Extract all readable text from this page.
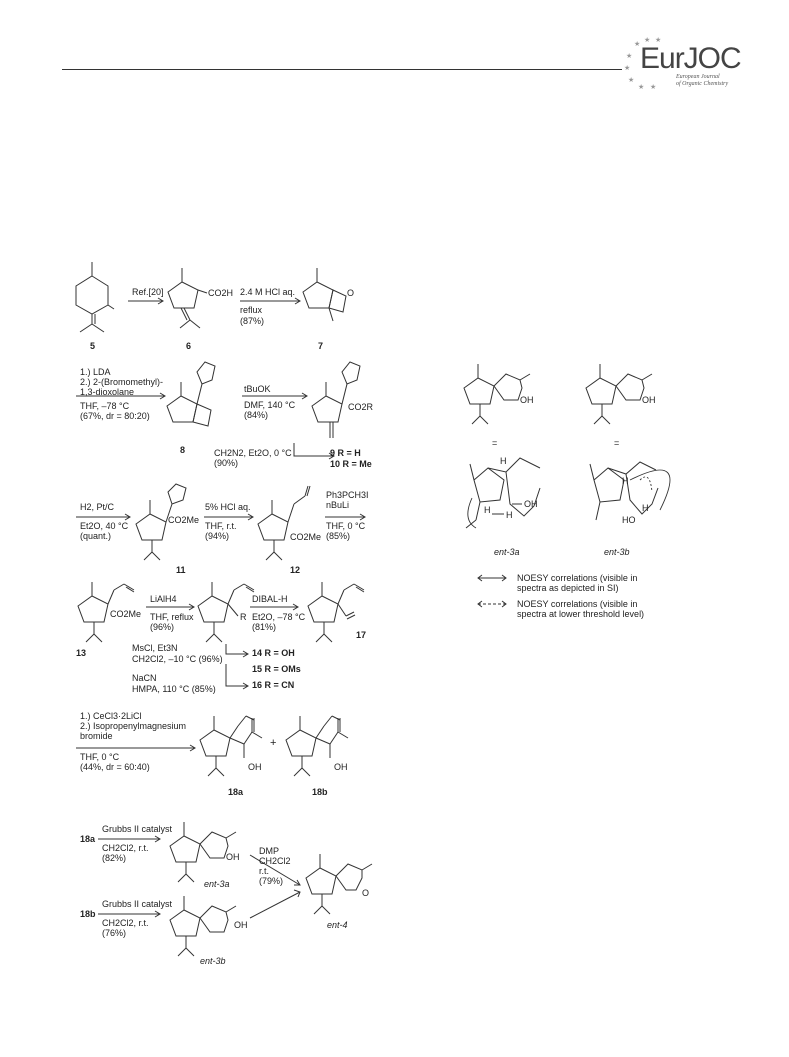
★ ★ ★
★
★
★
★ ★
EurJOC
European Journal
of Organic Chemistry
Ref.[20]	CO2H 2.4 M HCl aq.
reflux
(87%)
O
5	6	7
1.) LDA
2.) 2-(Bromomethyl)-
1,3-dioxolane
THF, –78 °C
(67%, dr = 80:20)
tBuOK
DMF, 140 °C
(84%)
CO2R
8	CH2N2, Et2O, 0 °C
(90%)
9 R = H
10 R = Me
H2, Pt/C
Et2O, 40 °C
(quant.)
CO2Me
11
5% HCl aq.
THF, r.t.
(94%)	CO2Me
12
Ph3PCH3I
nBuLi
THF, 0 °C
(85%)
CO2Me
13
LiAlH4
THF, reflux
(96%)
R
DIBAL-H
Et2O, –78 °C
(81%)
17
MsCl, Et3N
CH2Cl2, –10 °C (96%)
NaCN
HMPA, 110 °C (85%)
14 R = OH
15 R = OMs
16 R = CN
1.) CeCl3·2LiCl
2.) Isopropenylmagnesium
bromide
THF, 0 °C
(44%, dr = 60:40)	OH
+
OH
18a	18b
18a
Grubbs II catalyst
CH2Cl2, r.t.
(82%)	OH
ent-3a
18b
Grubbs II catalyst
CH2Cl2, r.t.
(76%)
OH
ent-3b
DMP
CH2Cl2
r.t.
(79%)
O
ent-4
OH	OH
=	=
H
H H
OH
H
H
HO
ent-3a	ent-3b
NOESY correlations (visible in
spectra as depicted in SI)
NOESY correlations (visible in
spectra at lower threshold level)
